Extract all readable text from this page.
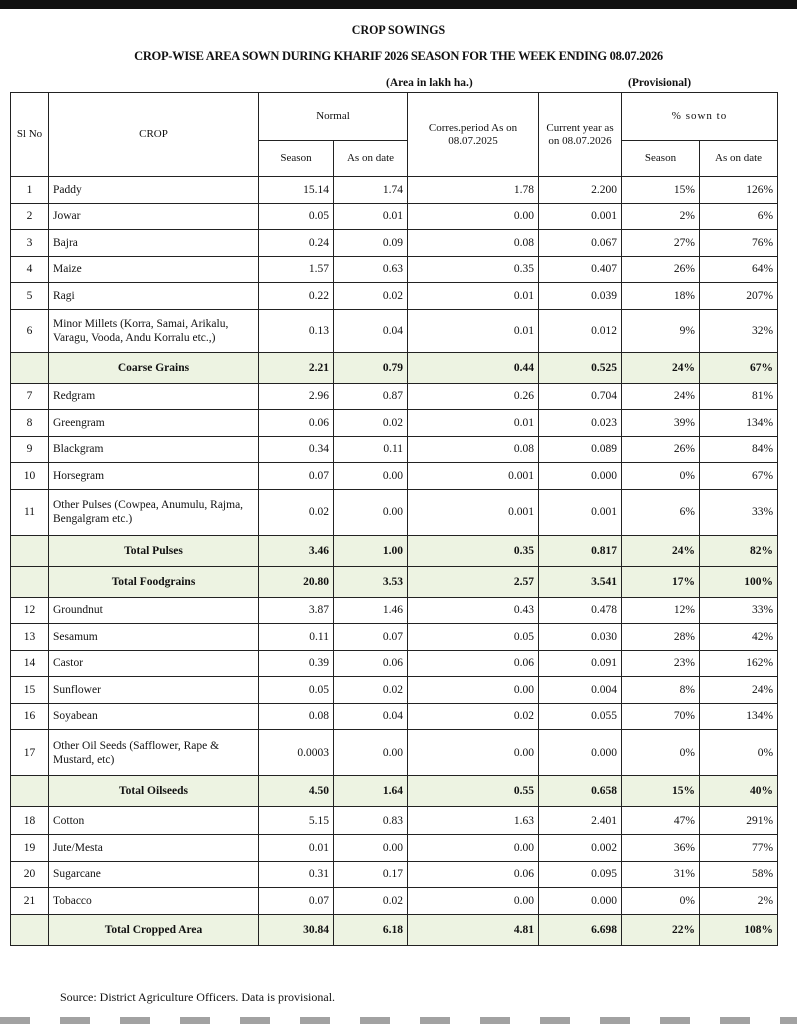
CROP SOWINGS
CROP-WISE AREA SOWN DURING KHARIF 2026 SEASON FOR THE WEEK ENDING 08.07.2026
(Area in lakh ha.)	(Provisional)
Sl No	CROP	Normal		Corres.period As on 08.07.2025	Current year as on 08.07.2026	% sown to	
		Season	As on date			Season	As on date
1	Paddy	15.14	1.74	1.78	2.200	15%	126%
2	Jowar	0.05	0.01	0.00	0.001	2%	6%
3	Bajra	0.24	0.09	0.08	0.067	27%	76%
4	Maize	1.57	0.63	0.35	0.407	26%	64%
5	Ragi	0.22	0.02	0.01	0.039	18%	207%
6	Minor Millets (Korra, Samai, Arikalu, Varagu, Vooda, Andu Korralu etc.,)	0.13	0.04	0.01	0.012	9%	32%
	Coarse Grains	2.21	0.79	0.44	0.525	24%	67%
7	Redgram	2.96	0.87	0.26	0.704	24%	81%
8	Greengram	0.06	0.02	0.01	0.023	39%	134%
9	Blackgram	0.34	0.11	0.08	0.089	26%	84%
10	Horsegram	0.07	0.00	0.001	0.000	0%	67%
11	Other Pulses (Cowpea, Anumulu, Rajma, Bengalgram etc.)	0.02	0.00	0.001	0.001	6%	33%
	Total Pulses	3.46	1.00	0.35	0.817	24%	82%
	Total Foodgrains	20.80	3.53	2.57	3.541	17%	100%
12	Groundnut	3.87	1.46	0.43	0.478	12%	33%
13	Sesamum	0.11	0.07	0.05	0.030	28%	42%
14	Castor	0.39	0.06	0.06	0.091	23%	162%
15	Sunflower	0.05	0.02	0.00	0.004	8%	24%
16	Soyabean	0.08	0.04	0.02	0.055	70%	134%
17	Other Oil Seeds (Safflower, Rape & Mustard, etc)	0.0003	0.00	0.00	0.000	0%	0%
	Total Oilseeds	4.50	1.64	0.55	0.658	15%	40%
18	Cotton	5.15	0.83	1.63	2.401	47%	291%
19	Jute/Mesta	0.01	0.00	0.00	0.002	36%	77%
20	Sugarcane	0.31	0.17	0.06	0.095	31%	58%
21	Tobacco	0.07	0.02	0.00	0.000	0%	2%
	Total Cropped Area	30.84	6.18	4.81	6.698	22%	108%
Source: District Agriculture Officers. Data is provisional.
